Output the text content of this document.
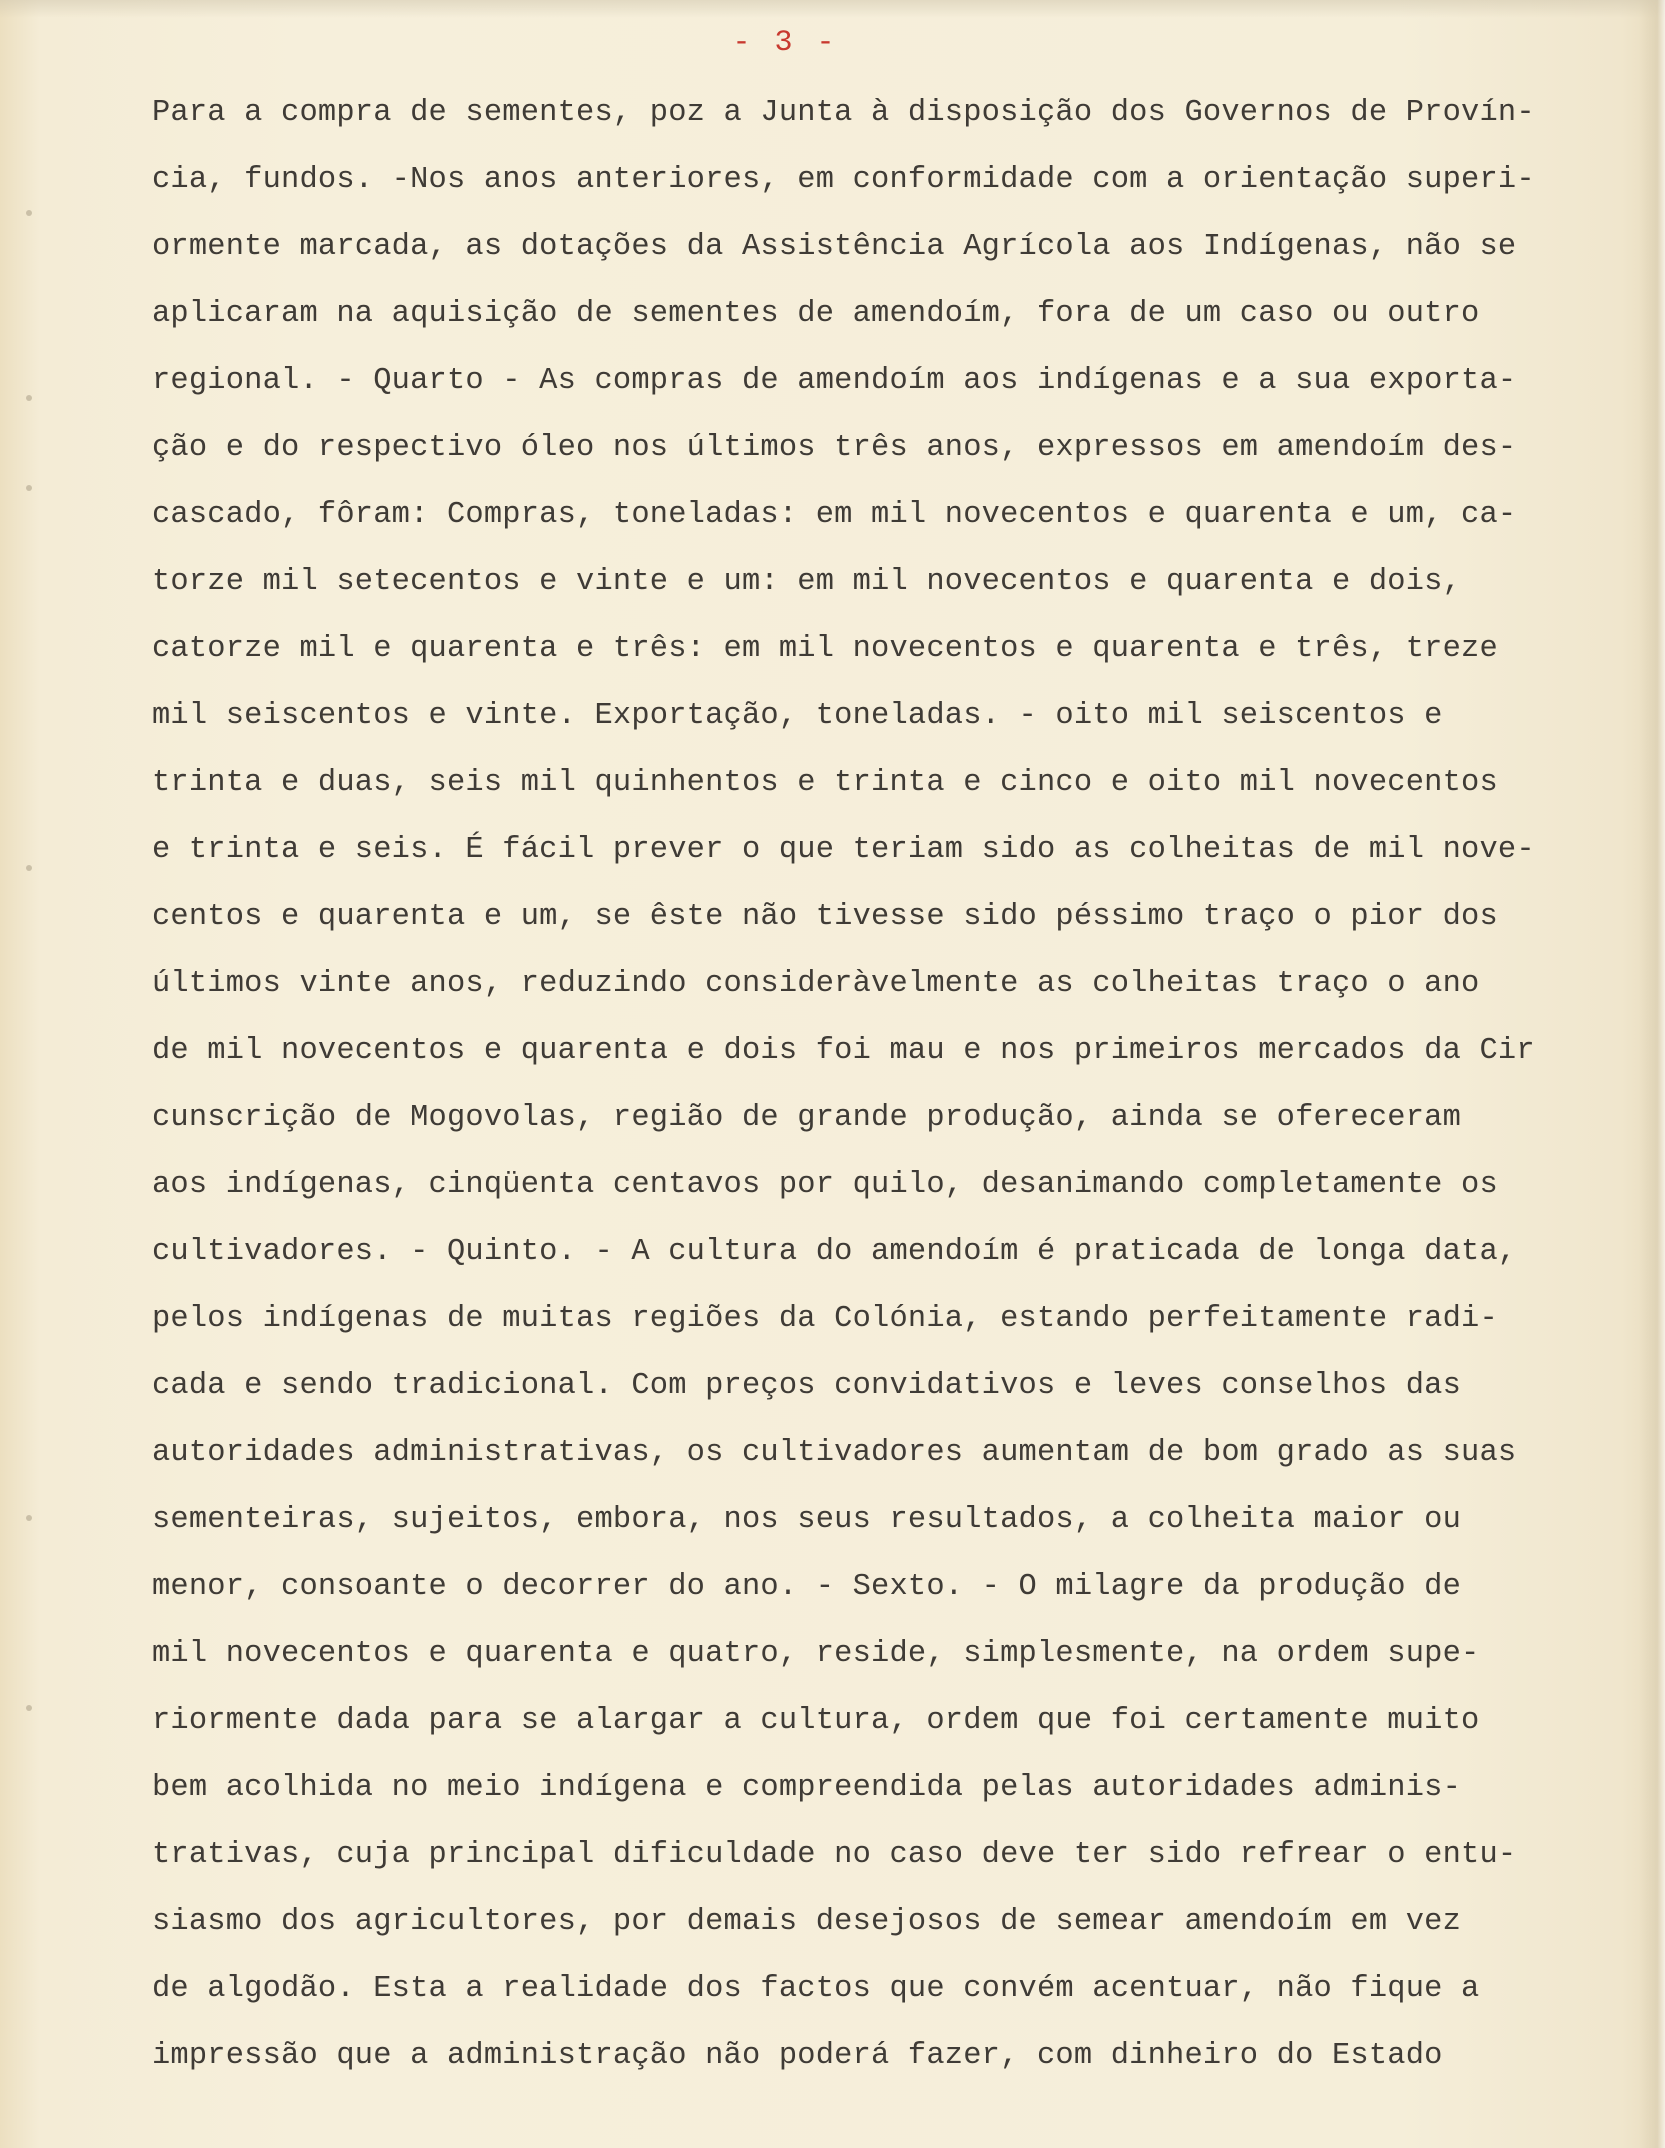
- 3 -
Para a compra de sementes, poz a Junta à disposição dos Governos de Provín-
cia, fundos. -Nos anos anteriores, em conformidade com a orientação superi-
ormente marcada, as dotações da Assistência Agrícola aos Indígenas, não se
aplicaram na aquisição de sementes de amendoím, fora de um caso ou outro
regional. - Quarto - As compras de amendoím aos indígenas e a sua exporta-
ção e do respectivo óleo nos últimos três anos, expressos em amendoím des-
cascado, fôram: Compras, toneladas: em mil novecentos e quarenta e um, ca-
torze mil setecentos e vinte e um: em mil novecentos e quarenta e dois,
catorze mil e quarenta e três: em mil novecentos e quarenta e três, treze
mil seiscentos e vinte. Exportação, toneladas. - oito mil seiscentos e
trinta e duas, seis mil quinhentos e trinta e cinco e oito mil novecentos
e trinta e seis. É fácil prever o que teriam sido as colheitas de mil nove-
centos e quarenta e um, se êste não tivesse sido péssimo traço o pior dos
últimos vinte anos, reduzindo consideràvelmente as colheitas traço o ano
de mil novecentos e quarenta e dois foi mau e nos primeiros mercados da Cir
cunscrição de Mogovolas, região de grande produção, ainda se ofereceram
aos indígenas, cinqüenta centavos por quilo, desanimando completamente os
cultivadores. - Quinto. - A cultura do amendoím é praticada de longa data,
pelos indígenas de muitas regiões da Colónia, estando perfeitamente radi-
cada e sendo tradicional. Com preços convidativos e leves conselhos das
autoridades administrativas, os cultivadores aumentam de bom grado as suas
sementeiras, sujeitos, embora, nos seus resultados, a colheita maior ou
menor, consoante o decorrer do ano. - Sexto. - O milagre da produção de
mil novecentos e quarenta e quatro, reside, simplesmente, na ordem supe-
riormente dada para se alargar a cultura, ordem que foi certamente muito
bem acolhida no meio indígena e compreendida pelas autoridades adminis-
trativas, cuja principal dificuldade no caso deve ter sido refrear o entu-
siasmo dos agricultores, por demais desejosos de semear amendoím em vez
de algodão. Esta a realidade dos factos que convém acentuar, não fique a
impressão que a administração não poderá fazer, com dinheiro do Estado
